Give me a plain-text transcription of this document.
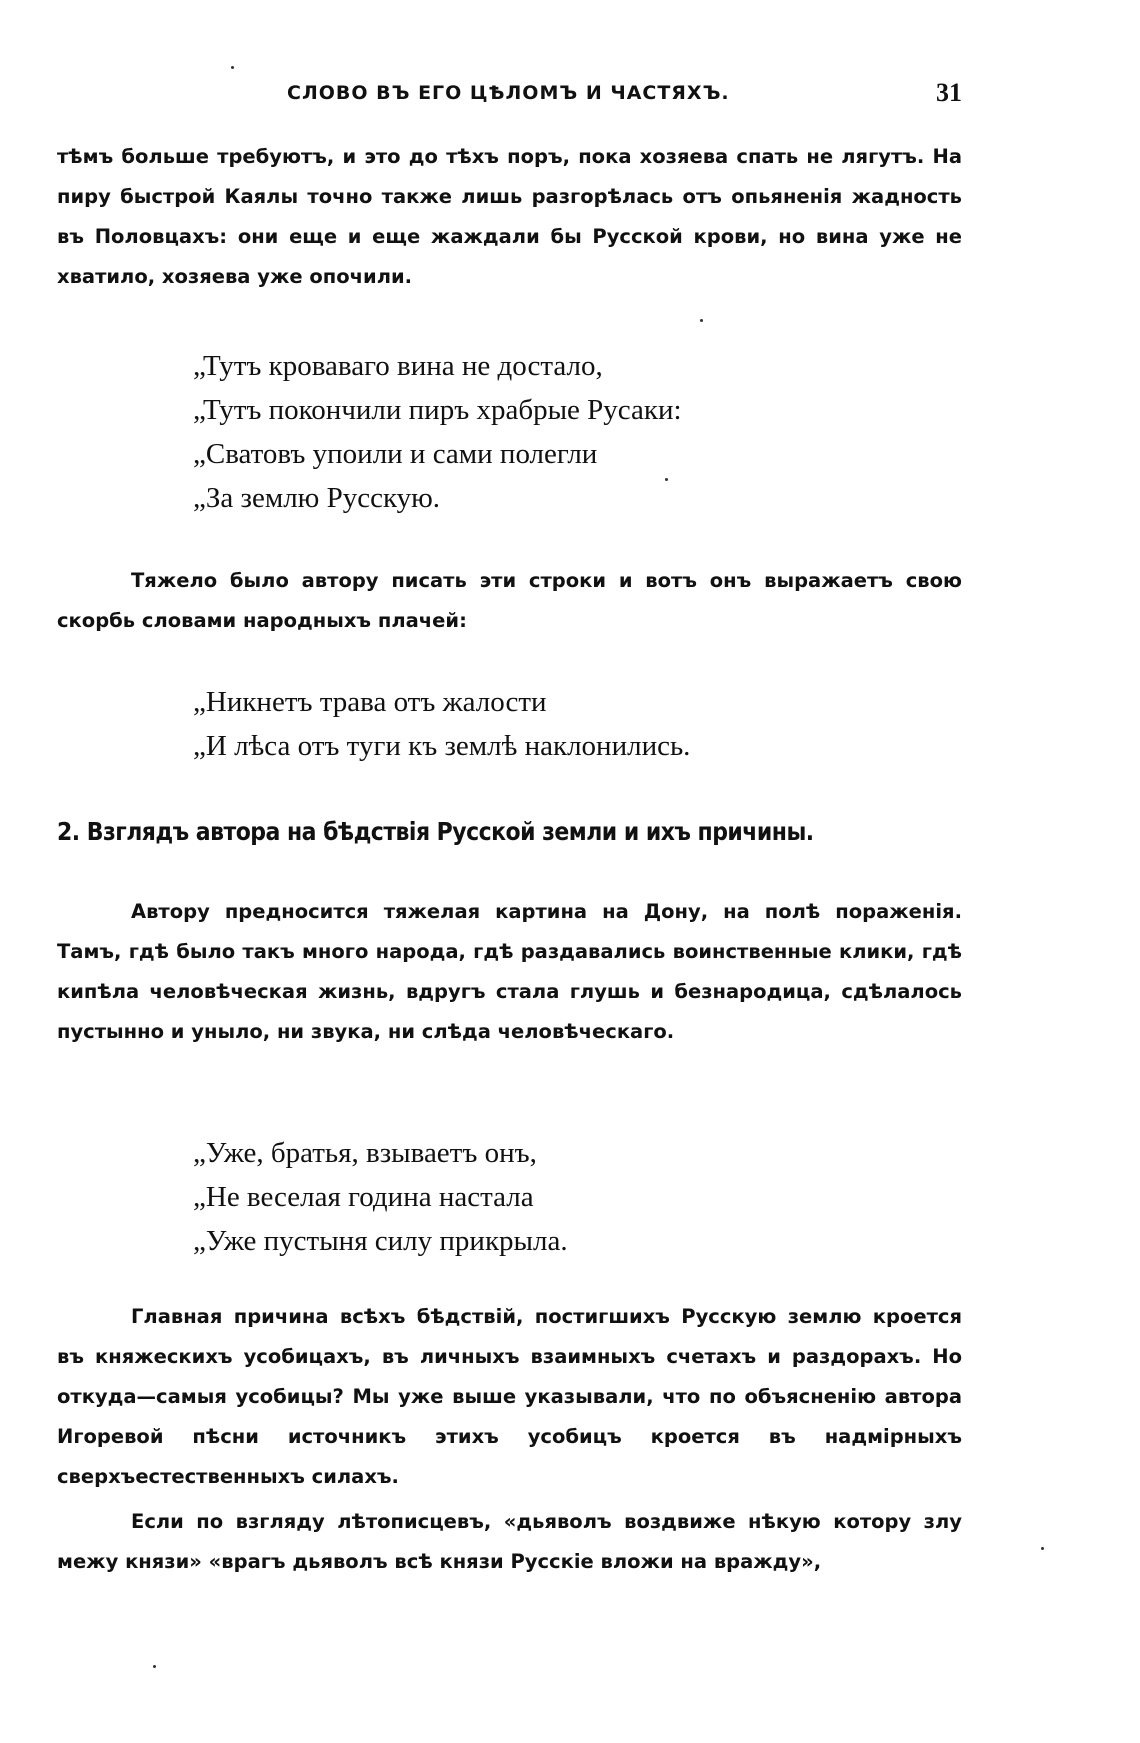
СЛОВО ВЪ ЕГО ЦѢЛОМЪ И ЧАСТЯХЪ.	31

тѣмъ больше требуютъ, и это до тѣхъ поръ, пока хозяева спать не лягутъ. На пиру быстрой Каялы точно также лишь разгорѣлась отъ опьяненія жадность въ Половцахъ: они еще и еще жаждали бы Русской крови, но вина уже не хватило, хозяева уже опочили.

„Тутъ кроваваго вина не достало,
„Тутъ покончили пиръ храбрые Русаки:
„Сватовъ упоили и сами полегли
„За землю Русскую.

Тяжело было автору писать эти строки и вотъ онъ выражаетъ свою скорбь словами народныхъ плачей:

„Никнетъ трава отъ жалости
„И лѣса отъ туги къ землѣ наклонились.
2. Взглядъ автора на бѣдствія Русской земли и ихъ причины.

Автору предносится тяжелая картина на Дону, на полѣ пораженія. Тамъ, гдѣ было такъ много народа, гдѣ раздавались воинственные клики, гдѣ кипѣла человѣческая жизнь, вдругъ стала глушь и безнародица, сдѣлалось пустынно и уныло, ни звука, ни слѣда человѣческаго.

„Уже, братья, взываетъ онъ,
„Не веселая година настала
„Уже пустыня силу прикрыла.

Главная причина всѣхъ бѣдствій, постигшихъ Русскую землю кроется въ княжескихъ усобицахъ, въ личныхъ взаимныхъ счетахъ и раздорахъ. Но откуда—самыя усобицы? Мы уже выше указывали, что по объясненію автора Игоревой пѣсни источникъ этихъ усобицъ кроется въ надмірныхъ сверхъестественныхъ силахъ.

Если по взгляду лѣтописцевъ, «дьяволъ воздвиже нѣкую котору злу межу князи» «врагъ дьяволъ всѣ князи Русскіе вложи на вражду»,
